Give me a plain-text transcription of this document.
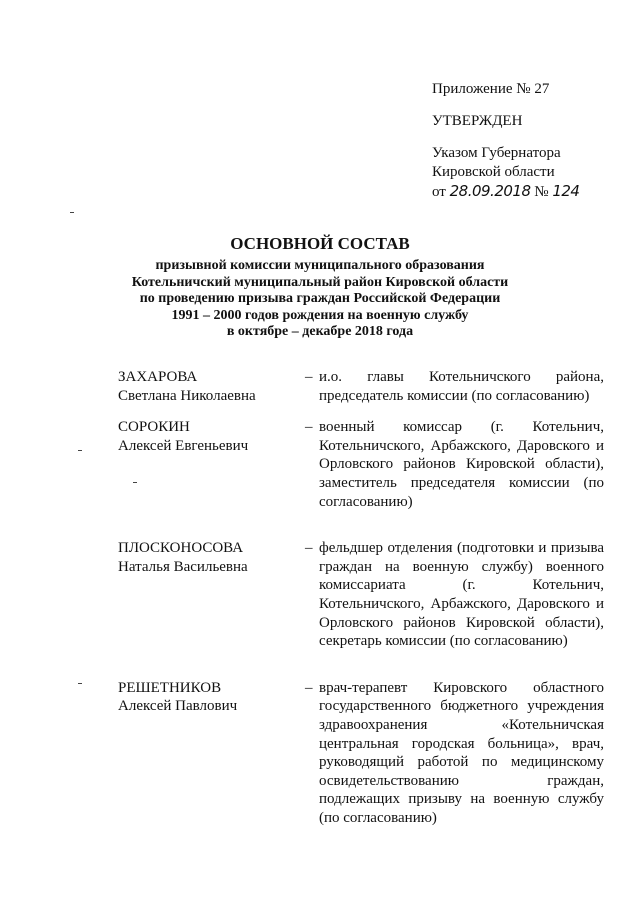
Приложение № 27
УТВЕРЖДЕН
Указом Губернатора
Кировской области
от 28.09.2018 № 124
ОСНОВНОЙ СОСТАВ
призывной комиссии муниципального образования
Котельничский муниципальный район Кировской области
по проведению призыва граждан Российской Федерации
1991 – 2000 годов рождения на военную службу
в октябре – декабре 2018 года
ЗАХАРОВА
Светлана Николаевна
– и.о. главы Котельничского района, председатель комиссии (по согласованию)
СОРОКИН
Алексей Евгеньевич
– военный комиссар (г. Котельнич, Котельничского, Арбажского, Даровского и Орловского районов Кировской области), заместитель председателя комиссии (по согласованию)
ПЛОСКОНОСОВА
Наталья Васильевна
– фельдшер отделения (подготовки и призыва граждан на военную службу) военного комиссариата (г. Котельнич, Котельничского, Арбажского, Даровского и Орловского районов Кировской области), секретарь комиссии (по согласованию)
РЕШЕТНИКОВ
Алексей Павлович
– врач-терапевт Кировского областного государственного бюджетного учреждения здравоохранения «Котельничская центральная городская больница», врач, руководящий работой по медицинскому освидетельствованию граждан, подлежащих призыву на военную службу (по согласованию)
